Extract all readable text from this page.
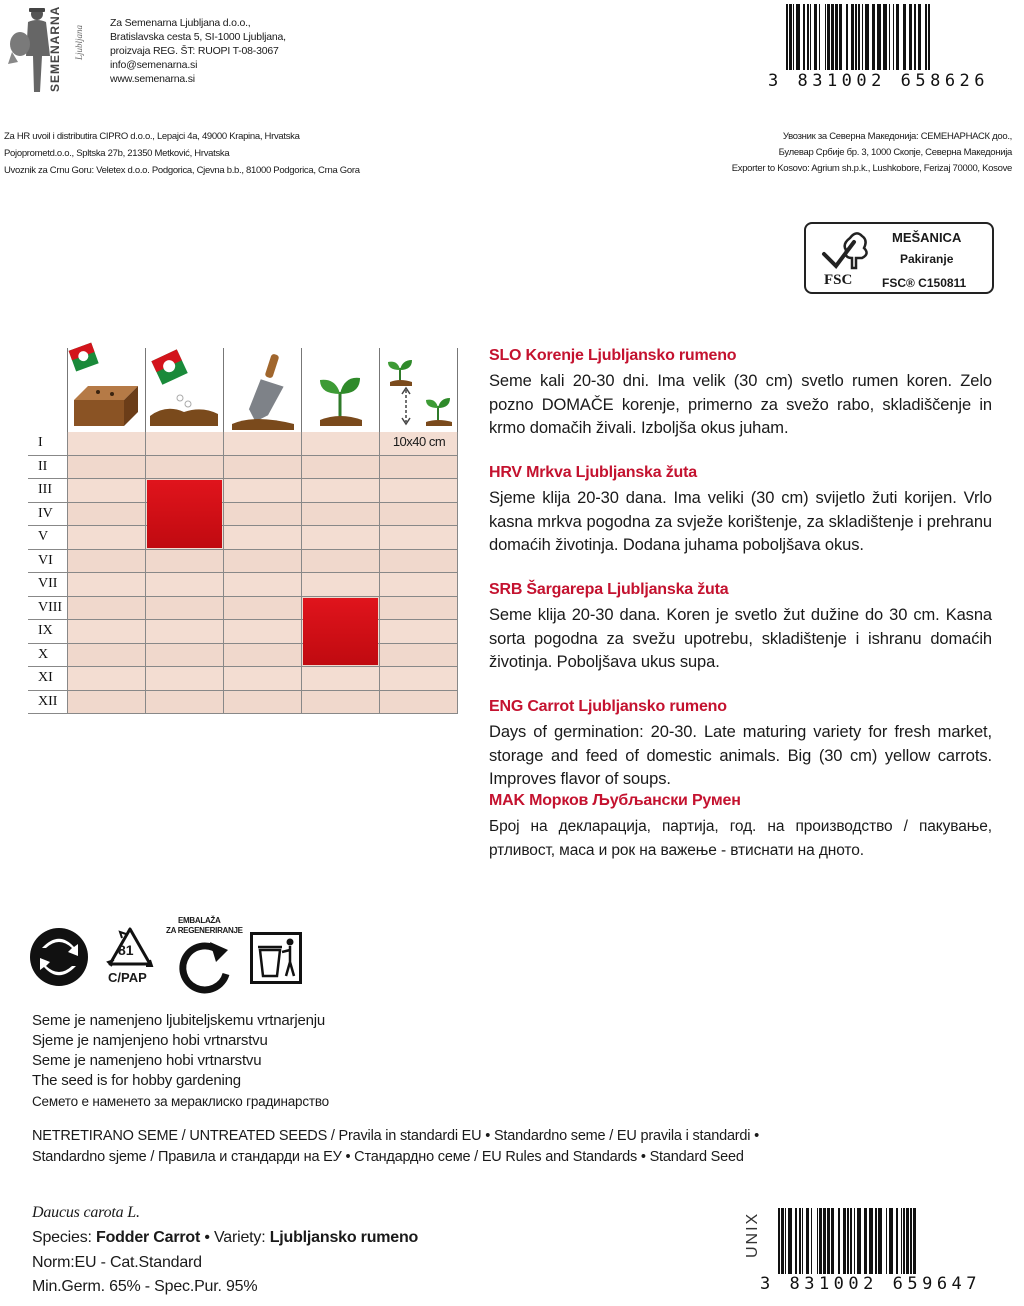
SEMENARNA Ljubljana
Za Semenarna Ljubljana d.o.o.,
Bratislavska cesta 5, SI-1000 Ljubljana,
proizvaja REG. ŠT: RUOPI T-08-3067
info@semenarna.si
www.semenarna.si	3 831002 658626
Za HR uvoil i distributira CIPRO d.o.o., Lepajci 4a, 49000 Krapina, Hrvatska
Pojoprometd.o.o., Spltska 27b, 21350 Metković, Hrvatska
Uvoznik za Crnu Goru: Veletex d.o.o. Podgorica, Cjevna b.b., 81000 Podgorica, Crna Gora
Увозник за Северна Македонија: СЕМЕНАРНАСК доо.,
Булевар Србије бр. 3, 1000 Скопје, Северна Македонија
Exporter to Kosovo: Agrium sh.p.k., Lushkobore, Ferizaj 70000, Kosove
FSC
MEŠANICA
Pakiranje
FSC® C150811
I
II
III
IV
V
VI
VII
VIII
IX
X
XI
XII
10x40 cm
SLO Korenje Ljubljansko rumeno
Seme kali 20-30 dni. Ima velik (30 cm) svetlo rumen koren. Zelo pozno DOMAČE korenje, primerno za svežo rabo, skladiščenje in krmo domačih živali. Izboljša okus juham.
HRV Mrkva Ljubljanska žuta
Sjeme klija 20-30 dana. Ima veliki (30 cm) svijetlo žuti korijen. Vrlo kasna mrkva pogodna za svježe korištenje, za skladištenje i prehranu domaćih životinja. Dodana juhama poboljšava okus.
SRB Šargarepa Ljubljanska žuta
Seme klija 20-30 dana. Koren je svetlo žut dužine do 30 cm. Kasna sorta pogodna za svežu upotrebu, skladištenje i ishranu domaćih životinja. Poboljšava ukus supa.
ENG Carrot Ljubljansko rumeno
Days of germination: 20-30. Late maturing variety for fresh market, storage and feed of domestic animals. Big (30 cm) yellow carrots. Improves flavor of soups.
MAK Морков Љубљански Румен
Број на декларација, партија, год. на производство / пакување, ртливост, маса и рок на важење - втиснати на дното.
81
C/PAP
EMBALAŽA
ZA REGENERIRANJE
Seme je namenjeno ljubiteljskemu vrtnarjenju
Sjeme je namjenjeno hobi vrtnarstvu
Seme je namenjeno hobi vrtnarstvu
The seed is for hobby gardening
Семето е наменето за мераклиско градинарство
NETRETIRANO SEME / UNTREATED SEEDS / Pravila in standardi EU • Standardno seme / EU pravila i standardi •
Standardno sjeme / Правила и стандарди на ЕУ • Стандардно семе / EU Rules and Standards • Standard Seed
Daucus carota L.
Species: Fodder Carrot • Variety: Ljubljansko rumeno
Norm:EU - Cat.Standard
Min.Germ. 65% - Spec.Pur. 95%
UNIX
3 831002 659647
